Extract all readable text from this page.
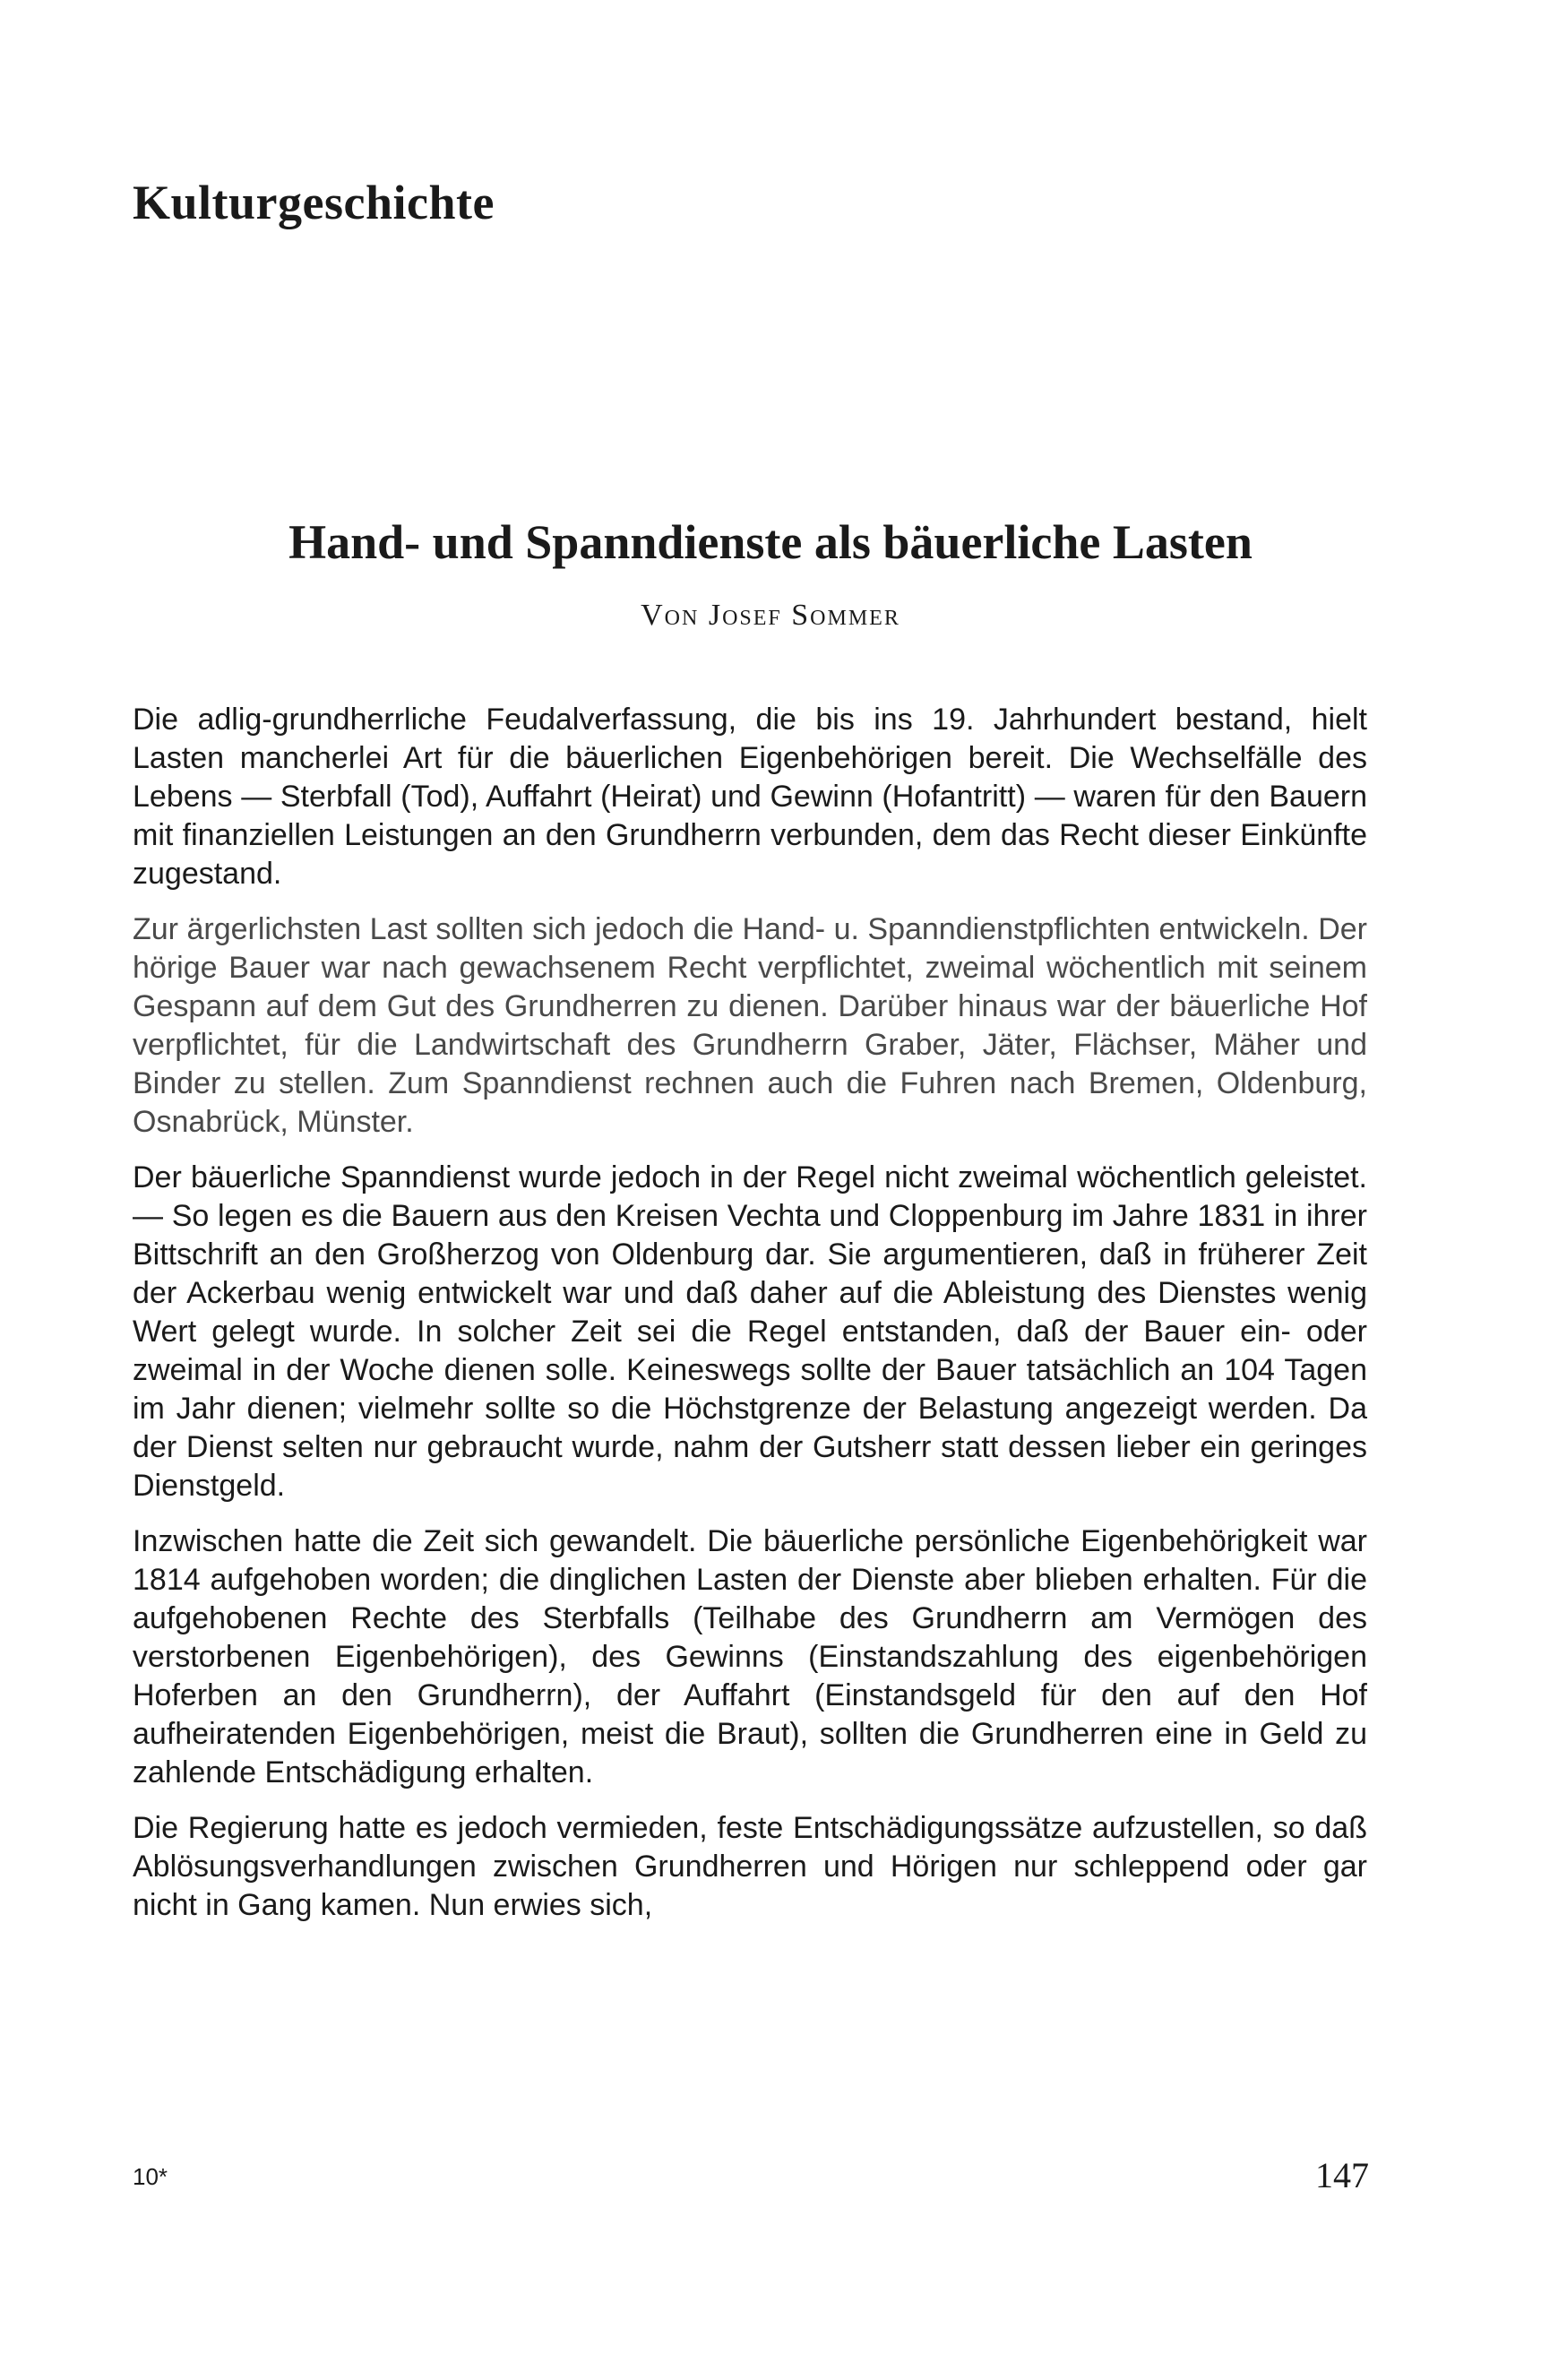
Kulturgeschichte
Hand- und Spanndienste als bäuerliche Lasten

Von Josef Sommer

Die adlig-grundherrliche Feudalverfassung, die bis ins 19. Jahrhundert bestand, hielt Lasten mancherlei Art für die bäuerlichen Eigenbehörigen bereit. Die Wechselfälle des Lebens — Sterbfall (Tod), Auffahrt (Heirat) und Gewinn (Hofantritt) — waren für den Bauern mit finanziellen Leistungen an den Grundherrn verbunden, dem das Recht dieser Einkünfte zugestand.

Zur ärgerlichsten Last sollten sich jedoch die Hand- u. Spanndienstpflichten entwickeln. Der hörige Bauer war nach gewachsenem Recht verpflichtet, zweimal wöchentlich mit seinem Gespann auf dem Gut des Grundherren zu dienen. Darüber hinaus war der bäuerliche Hof verpflichtet, für die Landwirtschaft des Grundherrn Graber, Jäter, Flächser, Mäher und Binder zu stellen. Zum Spanndienst rechnen auch die Fuhren nach Bremen, Oldenburg, Osnabrück, Münster.

Der bäuerliche Spanndienst wurde jedoch in der Regel nicht zweimal wöchentlich geleistet. — So legen es die Bauern aus den Kreisen Vechta und Cloppenburg im Jahre 1831 in ihrer Bittschrift an den Großherzog von Oldenburg dar. Sie argumentieren, daß in früherer Zeit der Ackerbau wenig entwickelt war und daß daher auf die Ableistung des Dienstes wenig Wert gelegt wurde. In solcher Zeit sei die Regel entstanden, daß der Bauer ein- oder zweimal in der Woche dienen solle. Keineswegs sollte der Bauer tatsächlich an 104 Tagen im Jahr dienen; vielmehr sollte so die Höchstgrenze der Belastung angezeigt werden. Da der Dienst selten nur gebraucht wurde, nahm der Gutsherr statt dessen lieber ein geringes Dienstgeld.

Inzwischen hatte die Zeit sich gewandelt. Die bäuerliche persönliche Eigenbehörigkeit war 1814 aufgehoben worden; die dinglichen Lasten der Dienste aber blieben erhalten. Für die aufgehobenen Rechte des Sterbfalls (Teilhabe des Grundherrn am Vermögen des verstorbenen Eigenbehörigen), des Gewinns (Einstandszahlung des eigenbehörigen Hoferben an den Grundherrn), der Auffahrt (Einstandsgeld für den auf den Hof aufheiratenden Eigenbehörigen, meist die Braut), sollten die Grundherren eine in Geld zu zahlende Entschädigung erhalten.

Die Regierung hatte es jedoch vermieden, feste Entschädigungssätze aufzustellen, so daß Ablösungsverhandlungen zwischen Grundherren und Hörigen nur schleppend oder gar nicht in Gang kamen. Nun erwies sich,

10*	147
